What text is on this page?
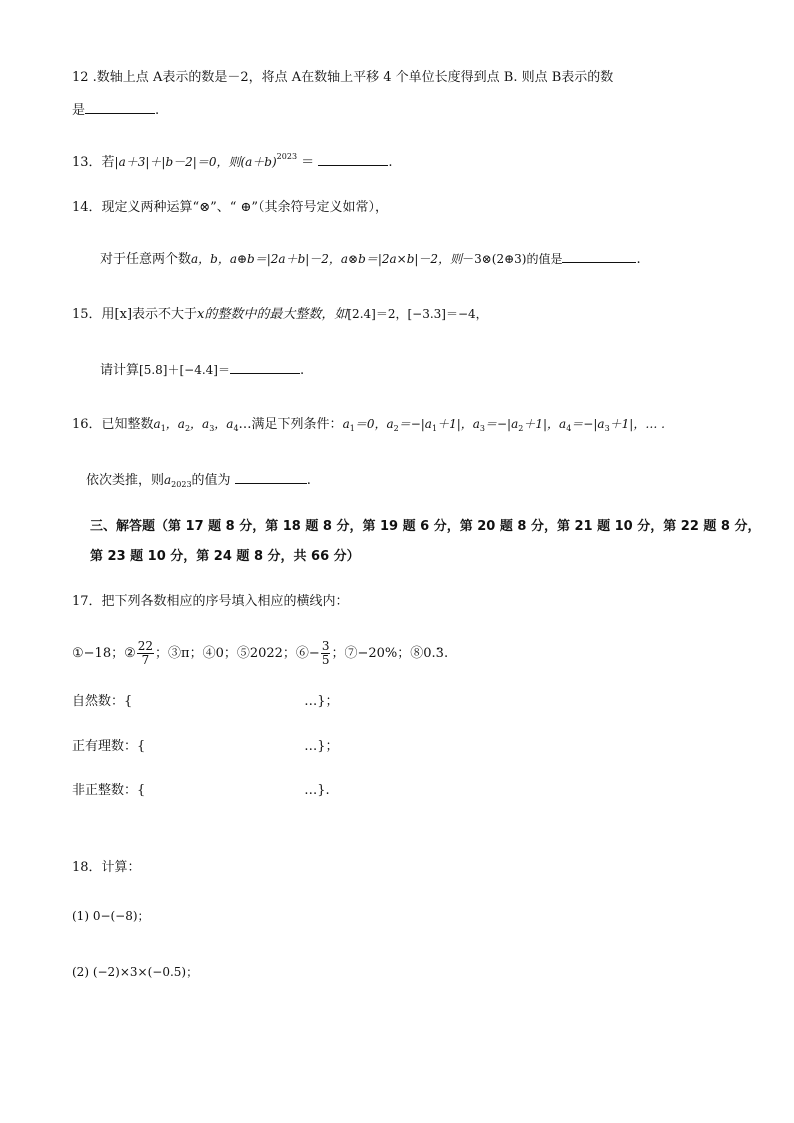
12 .数轴上点 A表示的数是－2，将点 A在数轴上平移 4 个单位长度得到点 B. 则点 B表示的数
是	.
13．若|a＋3|＋|b－2|＝0，则$(a+b)^{2023}$ ＝	.
14．现定义两种运算“⊗”、“ ⊕”（其余符号定义如常），
对于任意两个数a，b，a⊕b＝|2a＋b|－2，a⊗b＝|2a×b|－2，则－3⊗(2⊕3)的值是	.
15．用[x]表示不大于x的整数中的最大整数，如[2.4]＝2，[−3.3]＝−4，
请计算[5.8]＋[−4.4]＝	.
16．已知整数$a_1$，$a_2$，$a_3$，$a_4\dots$满足下列条件：$a_1=0$，$a_2=-|a_1+1|$，$a_3=-|a_2+1|$，$a_4=-|a_3+1|$，… .
依次类推，则$a_{2023}$的值为	.
三、解答题（第 17 题 8 分，第 18 题 8 分，第 19 题 6 分，第 20 题 8 分，第 21 题 10 分，第 22 题 8 分，
第 23 题 10 分，第 24 题 8 分，共 66 分）
17．把下列各数相应的序号填入相应的横线内：
①−18；② $\frac{22}{7}$ ；③π；④0；⑤2022；⑥− $\frac{3}{5}$ ；⑦−20%；⑧0.· 3.
自然数：{	…}；
正有理数：{	…}；
非正整数：{	…}.
18．计算：
(1) 0−(−8)；
(2) (−2)×3×(−0.5)；
